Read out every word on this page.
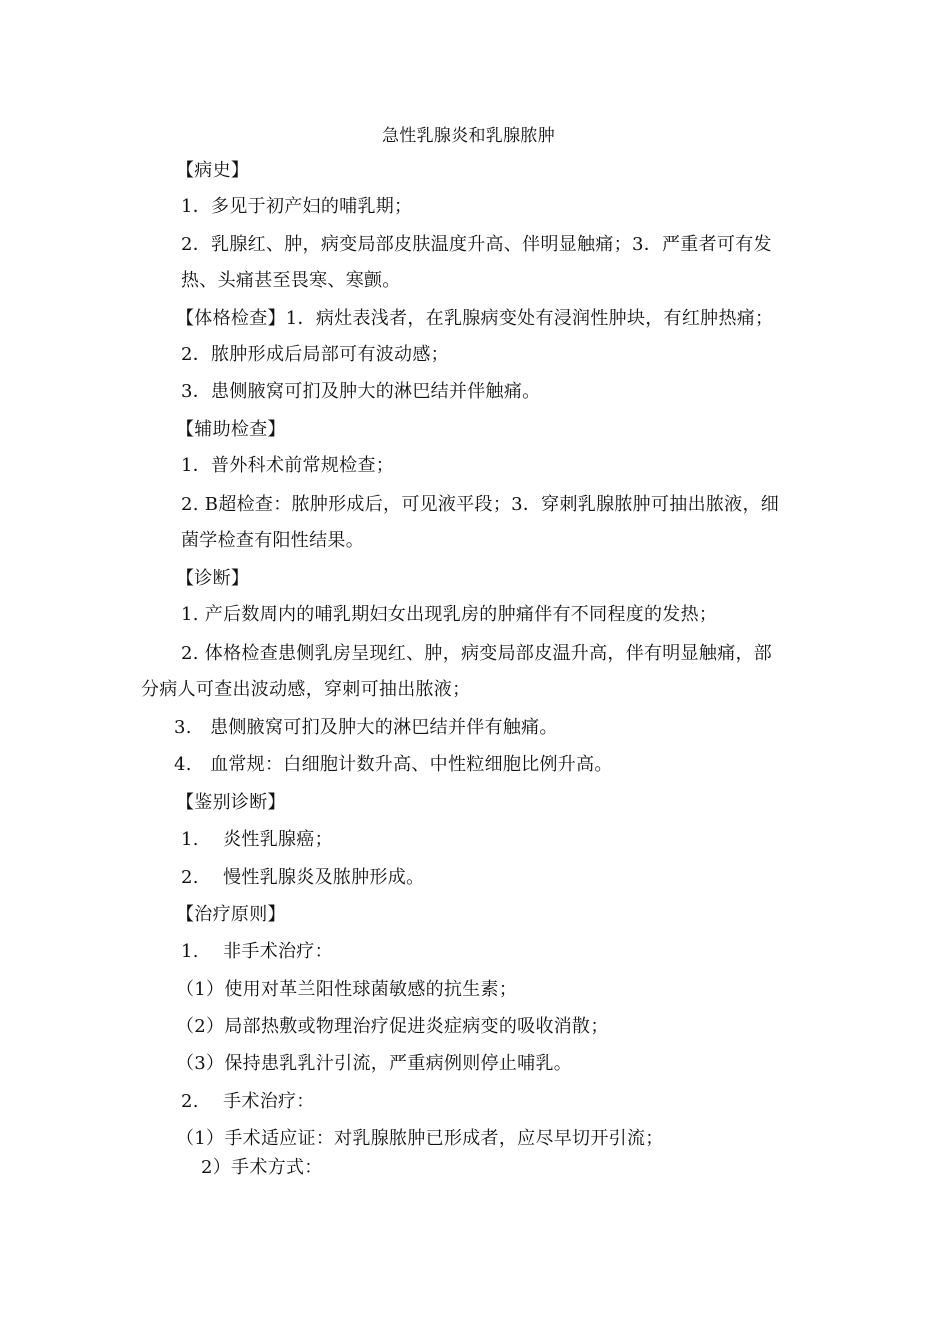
急性乳腺炎和乳腺脓肿
【病史】
1．多见于初产妇的哺乳期；
2．乳腺红、肿，病变局部皮肤温度升高、伴明显触痛；3．严重者可有发
热、头痛甚至畏寒、寒颤。
【体格检查】1．病灶表浅者，在乳腺病变处有浸润性肿块，有红肿热痛；
2．脓肿形成后局部可有波动感；
3．患侧腋窝可扪及肿大的淋巴结并伴触痛。
【辅助检查】
1．普外科术前常规检查；
2. B超检查：脓肿形成后，可见液平段；3．穿刺乳腺脓肿可抽出脓液，细
菌学检查有阳性结果。
【诊断】
1. 产后数周内的哺乳期妇女出现乳房的肿痛伴有不同程度的发热；
2. 体格检查患侧乳房呈现红、肿，病变局部皮温升高，伴有明显触痛，部
分病人可查出波动感，穿刺可抽出脓液；
3.　患侧腋窝可扪及肿大的淋巴结并伴有触痛。
4.　血常规：白细胞计数升高、中性粒细胞比例升高。
【鉴别诊断】
1.　 炎性乳腺癌；
2.　 慢性乳腺炎及脓肿形成。
【治疗原则】
1.　 非手术治疗：
（1）使用对革兰阳性球菌敏感的抗生素；
（2）局部热敷或物理治疗促进炎症病变的吸收消散；
（3）保持患乳乳汁引流，严重病例则停止哺乳。
2.　 手术治疗：
（1）手术适应证：对乳腺脓肿已形成者，应尽早切开引流；
2）手术方式：
